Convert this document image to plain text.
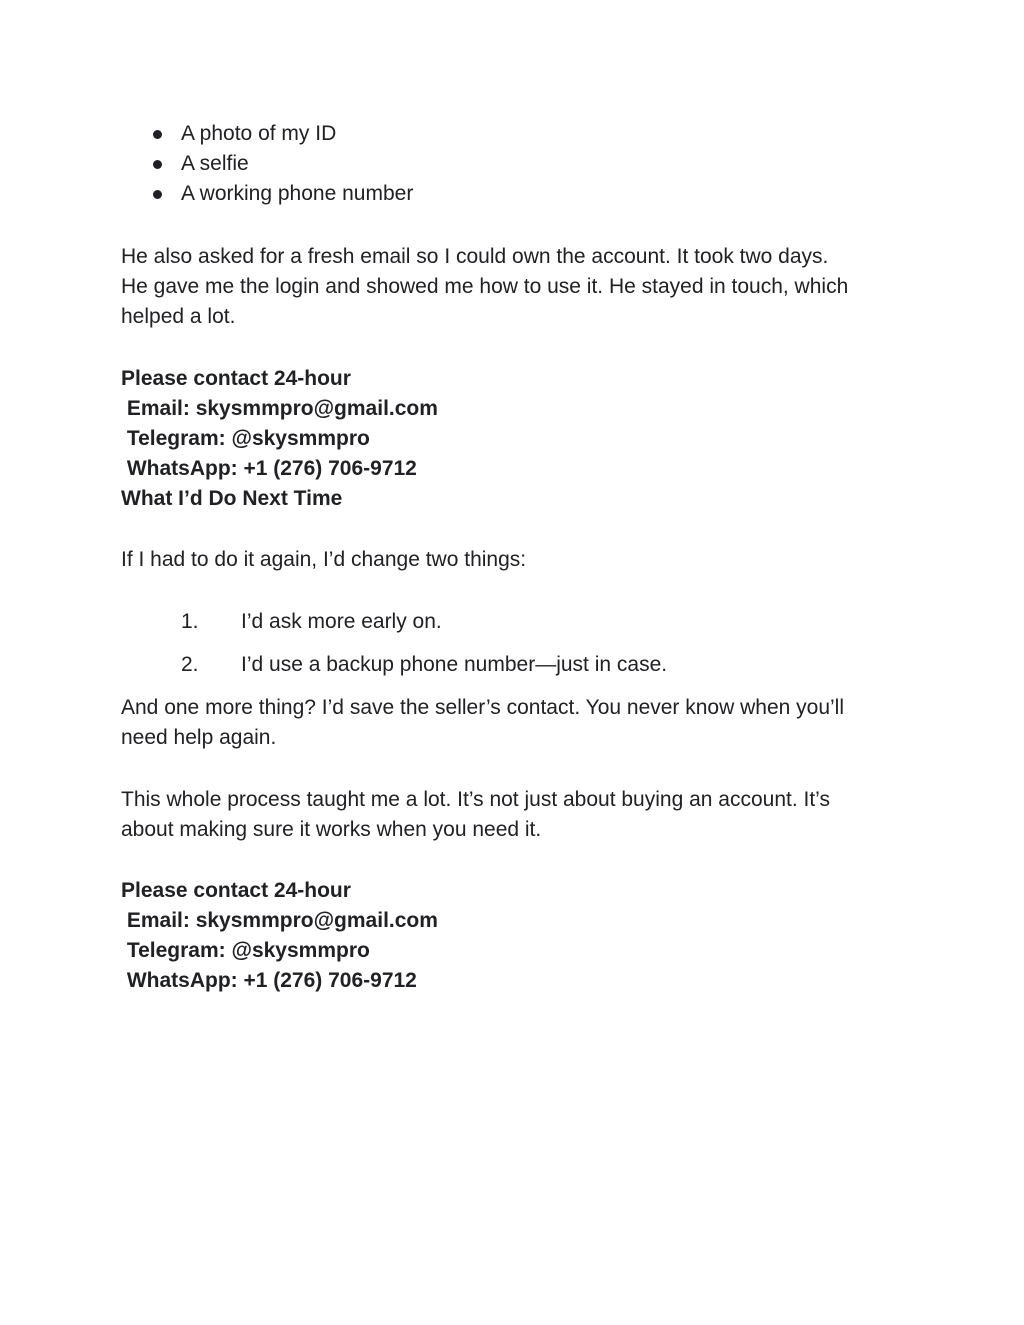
A photo of my ID
A selfie
A working phone number
He also asked for a fresh email so I could own the account. It took two days.
He gave me the login and showed me how to use it. He stayed in touch, which
helped a lot.
Please contact 24-hour
Email: skysmmpro@gmail.com
Telegram: @skysmmpro
WhatsApp: +1 (276) 706-9712
What I’d Do Next Time
If I had to do it again, I’d change two things:
1. I’d ask more early on.
2. I’d use a backup phone number—just in case.
And one more thing? I’d save the seller’s contact. You never know when you’ll
need help again.
This whole process taught me a lot. It’s not just about buying an account. It’s
about making sure it works when you need it.
Please contact 24-hour
Email: skysmmpro@gmail.com
Telegram: @skysmmpro
WhatsApp: +1 (276) 706-9712
